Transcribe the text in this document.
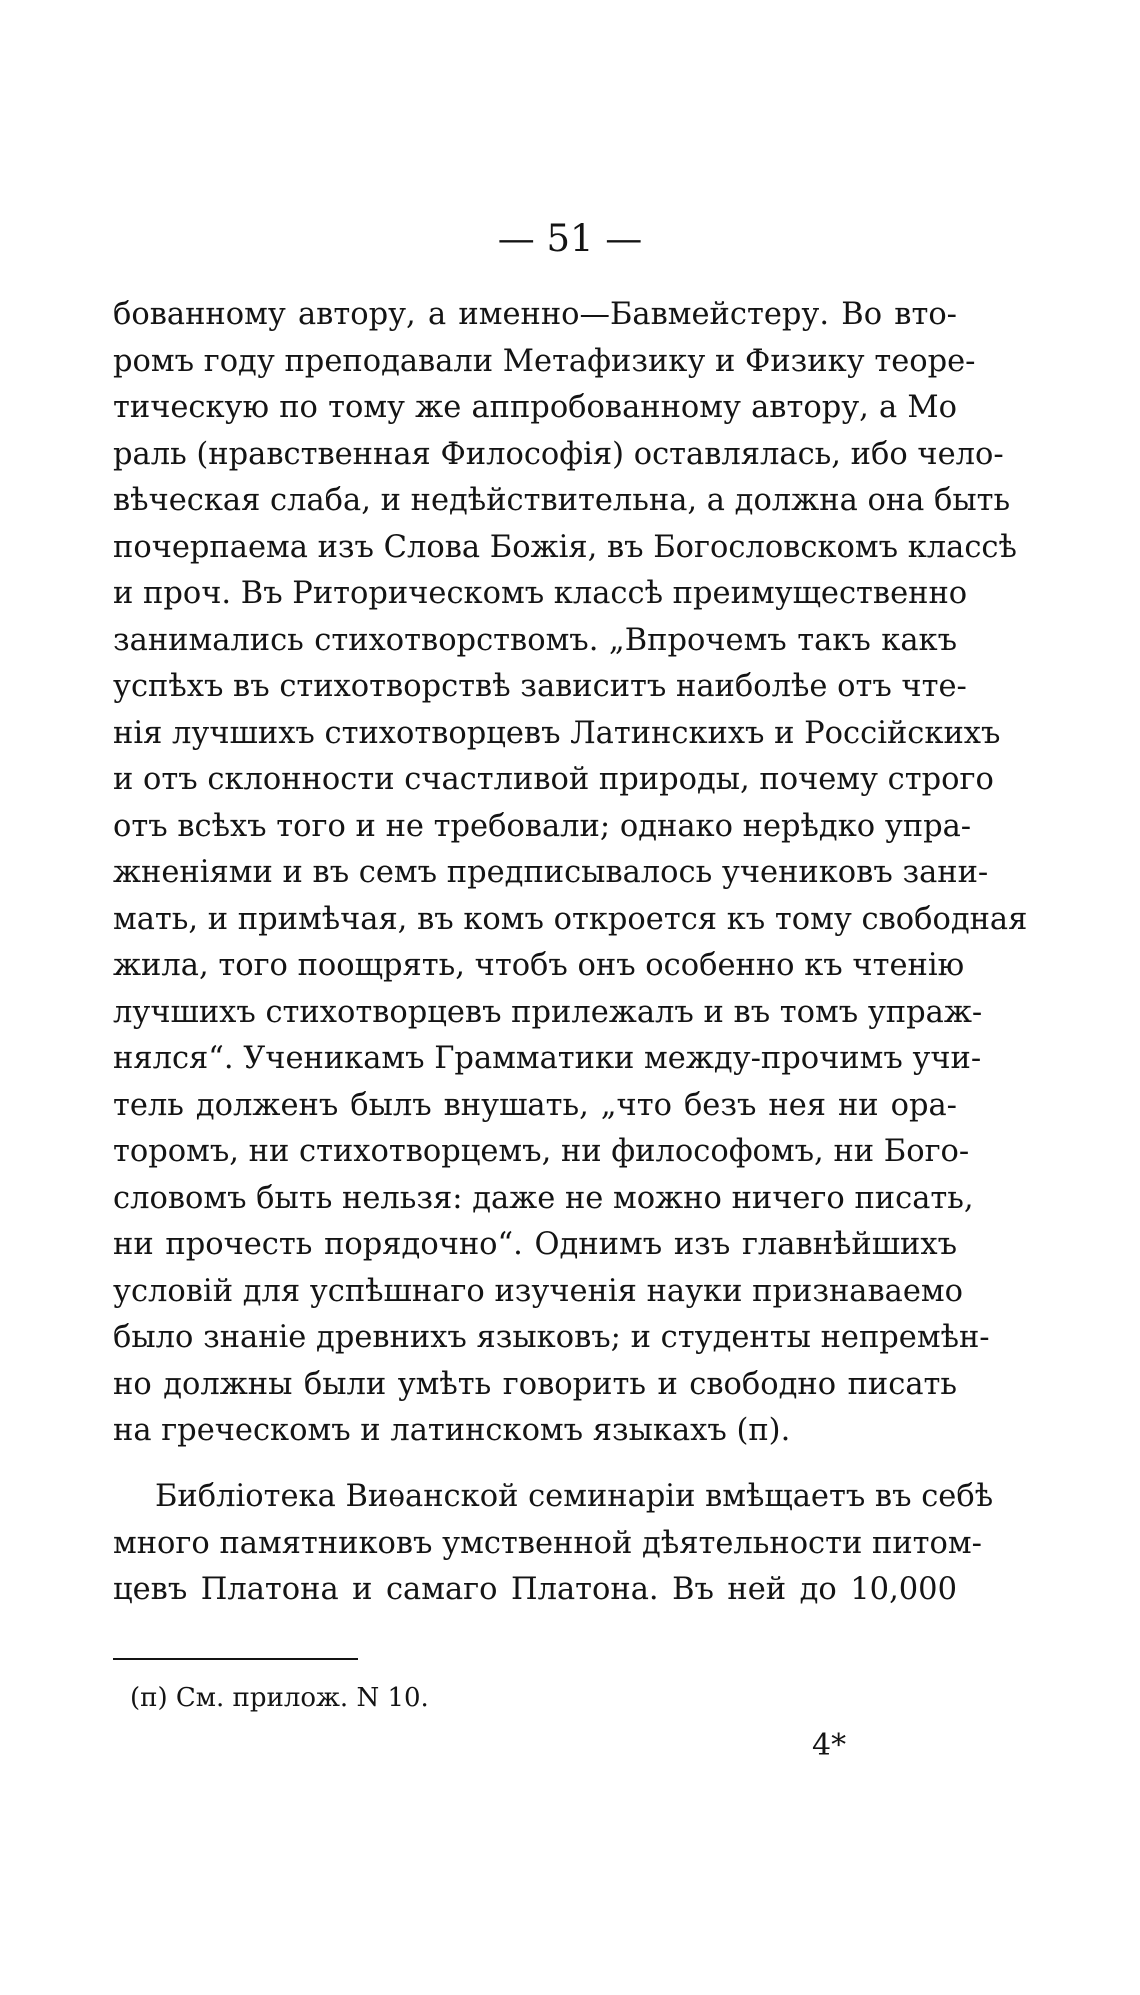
— 51 —
бованному автору, а именно—Бавмейстеру. Во вто-
ромъ году преподавали Метафизику и Физику теоре-
тическую по тому же аппробованному автору, а Мо
раль (нравственная Философія) оставлялась, ибо чело-
вѣческая слаба, и недѣйствительна, а должна она быть
почерпаема изъ Слова Божія, въ Богословскомъ классѣ
и проч. Въ Риторическомъ классѣ преимущественно
занимались стихотворствомъ. „Впрочемъ такъ какъ
успѣхъ въ стихотворствѣ зависитъ наиболѣе отъ чте-
нія лучшихъ стихотворцевъ Латинскихъ и Россійскихъ
и отъ склонности счастливой природы, почему строго
отъ всѣхъ того и не требовали; однако нерѣдко упра-
жненіями и въ семъ предписывалось учениковъ зани-
мать, и примѣчая, въ комъ откроется къ тому свободная
жила, того поощрять, чтобъ онъ особенно къ чтенію
лучшихъ стихотворцевъ прилежалъ и въ томъ упраж-
нялся“. Ученикамъ Грамматики между-прочимъ учи-
тель долженъ былъ внушать, „что безъ нея ни ора-
торомъ, ни стихотворцемъ, ни философомъ, ни Бого-
словомъ быть нельзя: даже не можно ничего писать,
ни прочесть порядочно“. Однимъ изъ главнѣйшихъ
условій для успѣшнаго изученія науки признаваемо
было знаніе древнихъ языковъ; и студенты непремѣн-
но должны были умѣть говорить и свободно писать
на греческомъ и латинскомъ языкахъ (п).
Библіотека Виѳанской семинаріи вмѣщаетъ въ себѣ
много памятниковъ умственной дѣятельности питом-
цевъ Платона и самаго Платона. Въ ней до 10,000
(п) См. прилож. N 10.
4*
